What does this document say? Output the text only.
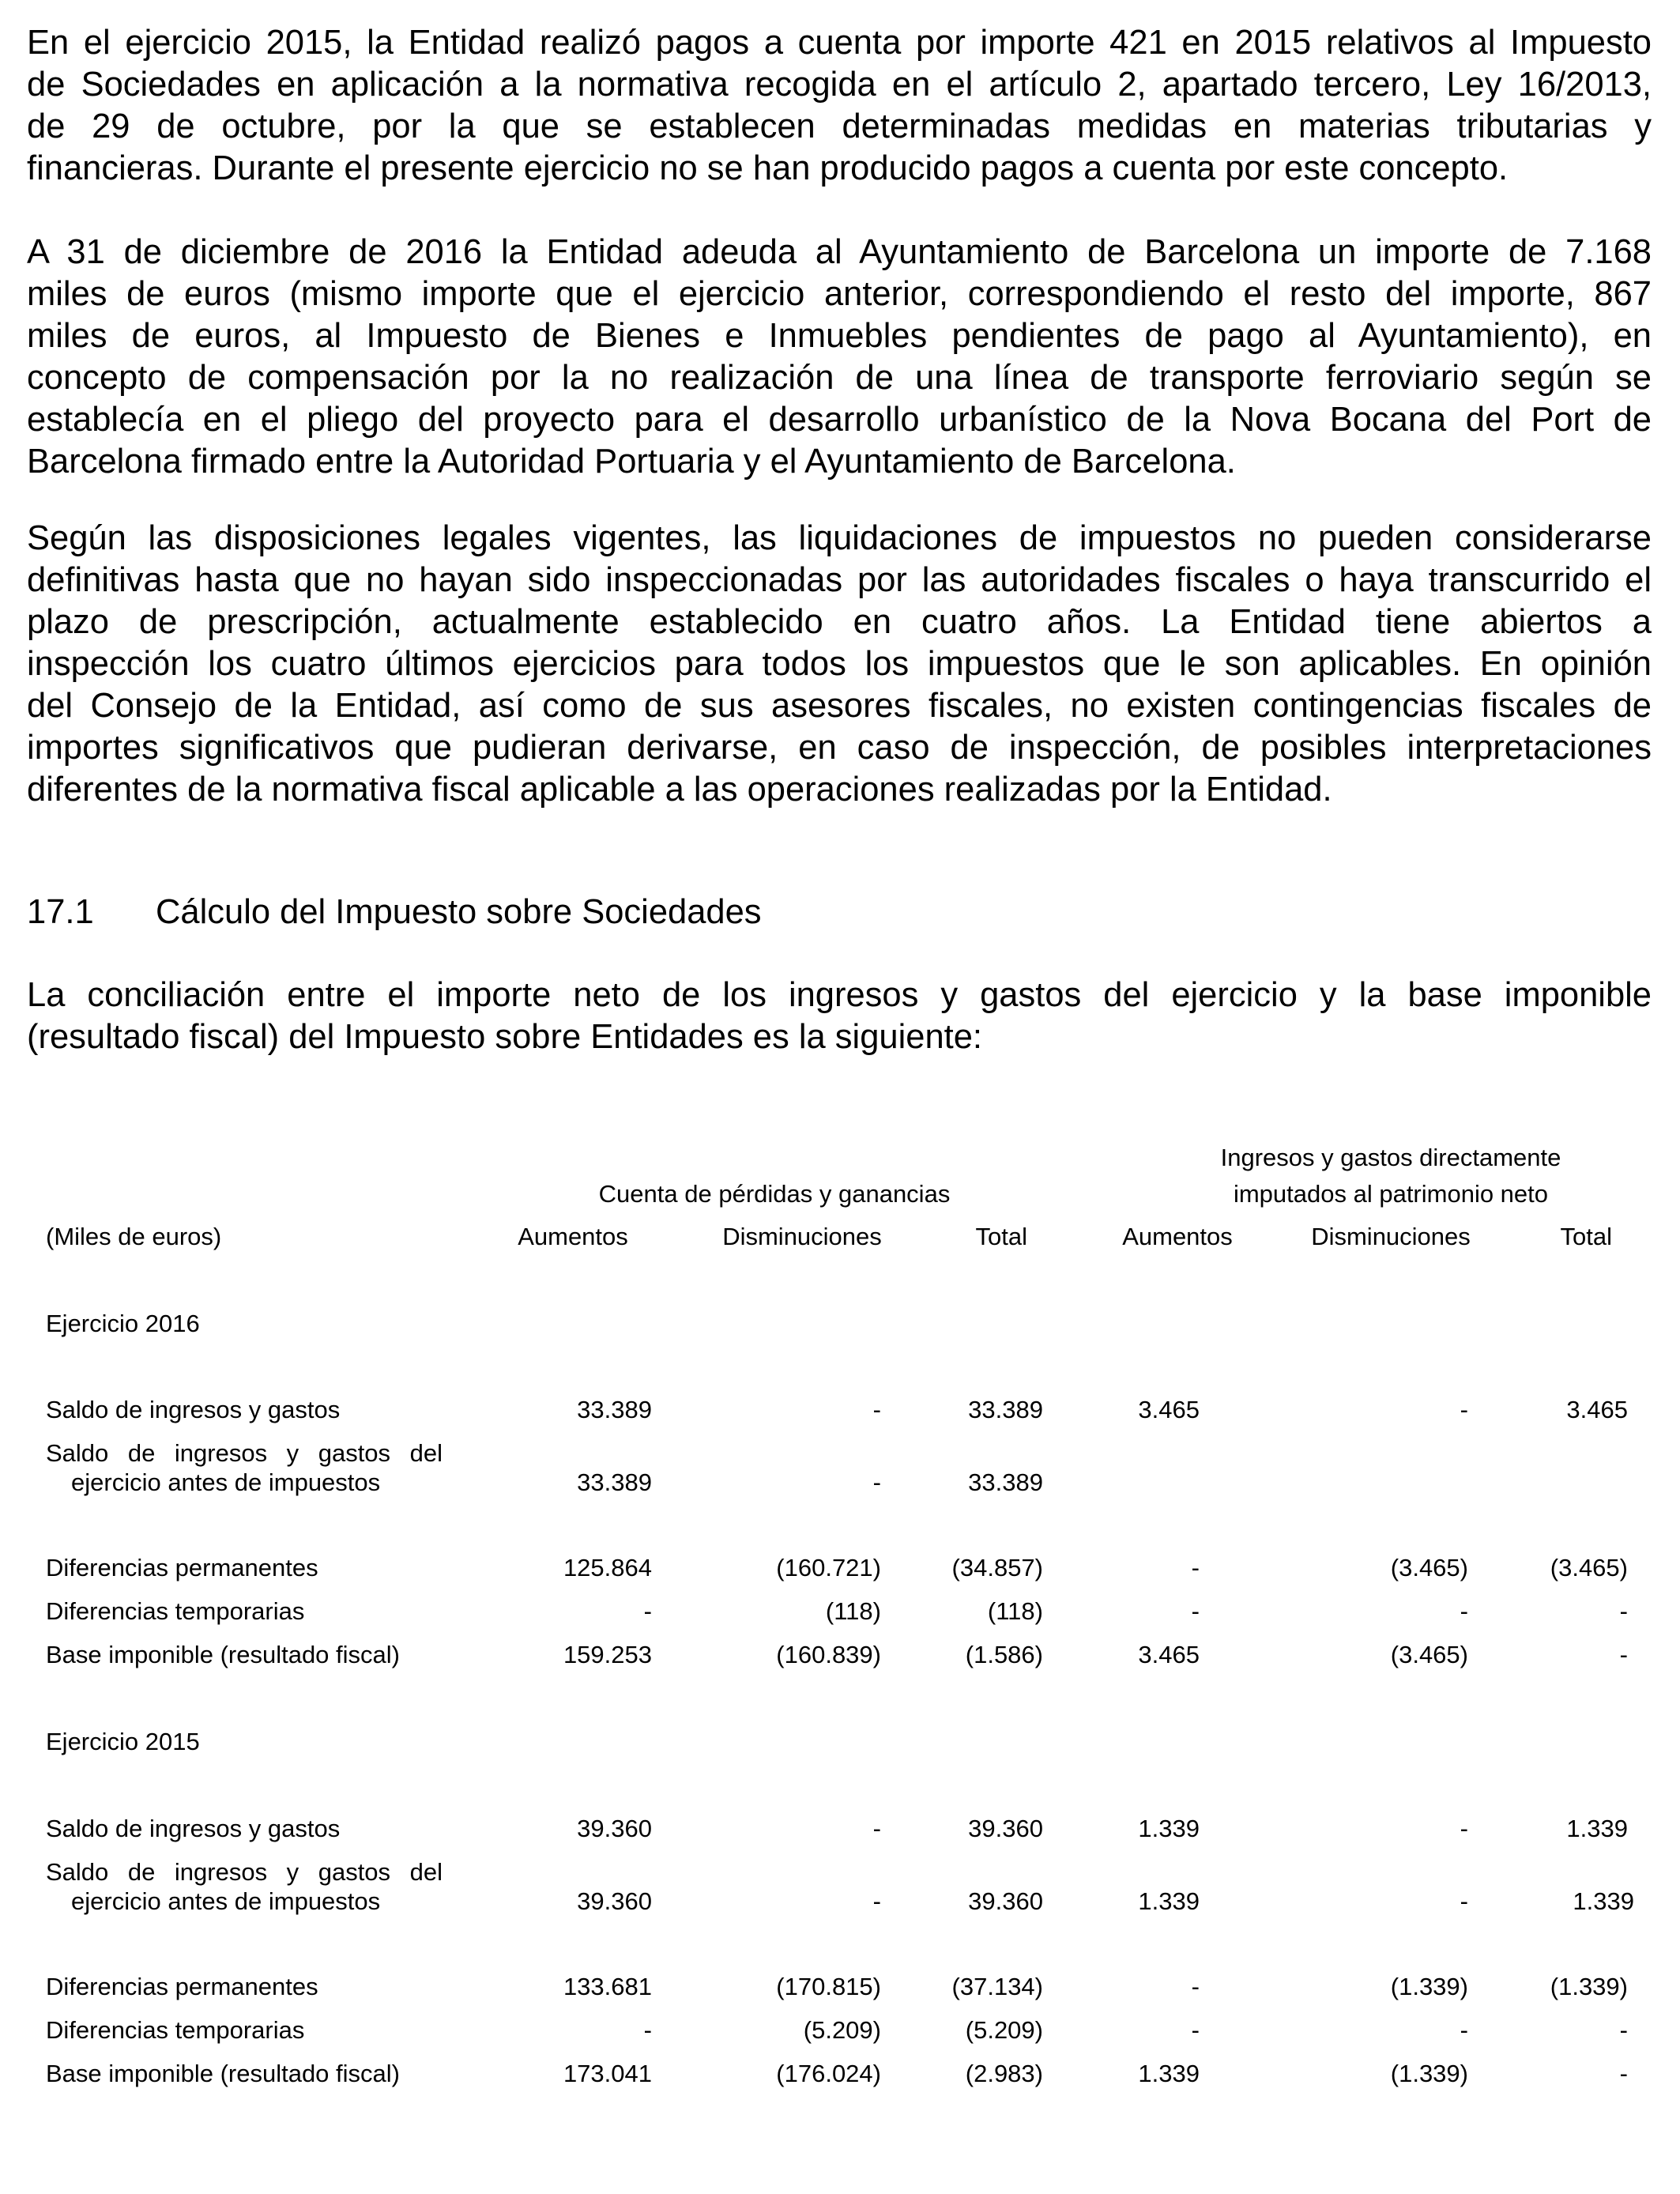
En el ejercicio 2015, la Entidad realizó pagos a cuenta por importe 421 en 2015 relativos al Impuesto
de Sociedades en aplicación a la normativa recogida en el artículo 2, apartado tercero, Ley 16/2013,
de 29 de octubre, por la que se establecen determinadas medidas en materias tributarias y
financieras. Durante el presente ejercicio no se han producido pagos a cuenta por este concepto.
A 31 de diciembre de 2016 la Entidad adeuda al Ayuntamiento de Barcelona un importe de 7.168
miles de euros (mismo importe que el ejercicio anterior, correspondiendo el resto del importe, 867
miles de euros, al Impuesto de Bienes e Inmuebles pendientes de pago al Ayuntamiento), en
concepto de compensación por la no realización de una línea de transporte ferroviario según se
establecía en el pliego del proyecto para el desarrollo urbanístico de la Nova Bocana del Port de
Barcelona firmado entre la Autoridad Portuaria y el Ayuntamiento de Barcelona.
Según las disposiciones legales vigentes, las liquidaciones de impuestos no pueden considerarse
definitivas hasta que no hayan sido inspeccionadas por las autoridades fiscales o haya transcurrido el
plazo de prescripción, actualmente establecido en cuatro años. La Entidad tiene abiertos a
inspección los cuatro últimos ejercicios para todos los impuestos que le son aplicables. En opinión
del Consejo de la Entidad, así como de sus asesores fiscales, no existen contingencias fiscales de
importes significativos que pudieran derivarse, en caso de inspección, de posibles interpretaciones
diferentes de la normativa fiscal aplicable a las operaciones realizadas por la Entidad.
17.1 Cálculo del Impuesto sobre Sociedades
La conciliación entre el importe neto de los ingresos y gastos del ejercicio y la base imponible
(resultado fiscal) del Impuesto sobre Entidades es la siguiente:
Ingresos y gastos directamente
imputados al patrimonio neto
Cuenta de pérdidas y ganancias
(Miles de euros)	Aumentos	Disminuciones	Total	Aumentos	Disminuciones	Total
Ejercicio 2016
Saldo de ingresos y gastos	33.389	-	33.389	3.465	-	3.465
Saldo de ingresos y gastos del
ejercicio antes de impuestos	33.389	-	33.389
Diferencias permanentes	125.864	(160.721)	(34.857)	-	(3.465)	(3.465)
Diferencias temporarias	-	(118)	(118)	-	-	-
Base imponible (resultado fiscal)	159.253	(160.839)	(1.586)	3.465	(3.465)	-
Ejercicio 2015
Saldo de ingresos y gastos	39.360	-	39.360	1.339	-	1.339
Saldo de ingresos y gastos del
ejercicio antes de impuestos	39.360	-	39.360	1.339	-	1.339
Diferencias permanentes	133.681	(170.815)	(37.134)	-	(1.339)	(1.339)
Diferencias temporarias	-	(5.209)	(5.209)	-	-	-
Base imponible (resultado fiscal)	173.041	(176.024)	(2.983)	1.339	(1.339)	-
